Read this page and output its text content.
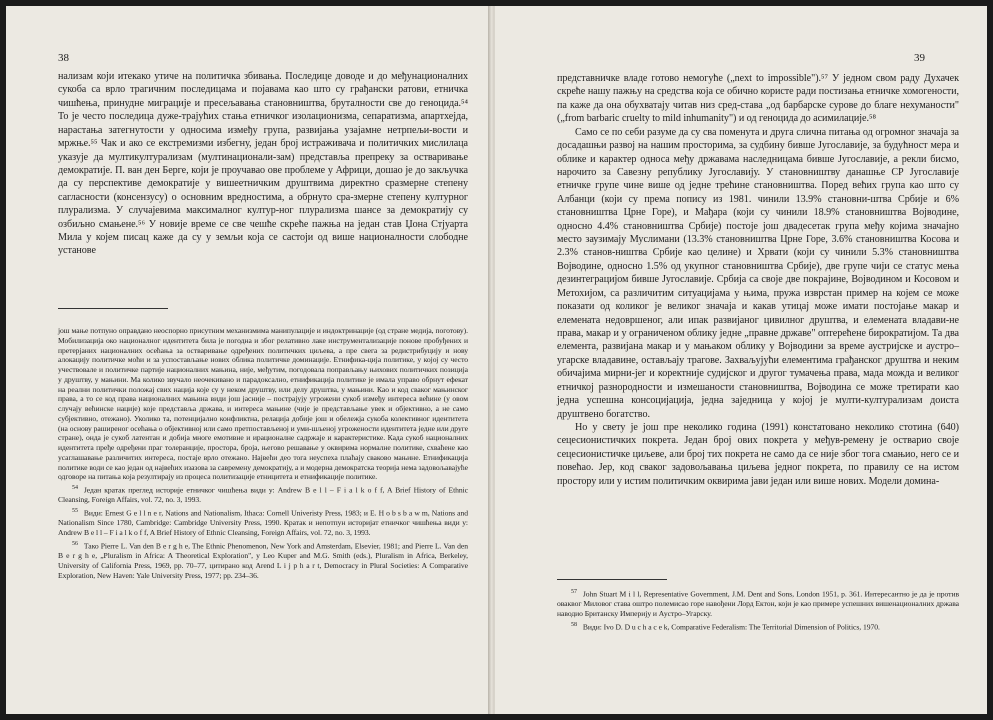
38

нализам који итекако утиче на политичка збивања. Последице доводе и до међунационалних сукоба са врло трагичним последицама и појавама као што су грађански ратови, етничка чишћења, принудне миграције и пресељавања становништва, бруталности све до геноцида.⁵⁴ То је често последица дуже-трајућих стања етничког изолационизма, сепаратизма, апартхејда, нарастања затегнутости у односима између група, развијања узајамне нетрпељи-вости и мржње.⁵⁵ Чак и ако се екстремизми избегну, један број истраживача и политичких мислилаца указује да мултикултурализам (мултинационали-зам) представља препреку за остваривање демократије. П. ван ден Берге, који је проучавао ове проблеме у Африци, дошао је до закључка да су перспективе демократије у вишеетничким друштвима директно сразмерне степену сагласности (консензусу) о основним вредностима, а обрнуто сра-змерне степену културног плурализма. У случајевима максималног култур-ног плурализма шансе за демократију су озбиљно смањене.⁵⁶ У новије време се све чешће скреће пажња на један став Џона Стјуарта Мила у којем писац каже да су у земљи која се састоји од више националности слободне установе

још мање потпуно оправдано неоспорно присутним механизмима манипулације и индоктринације (од стране медија, поготову). Мобилизација око националног идентитета била је погодна и због релативно лаке инструментализације понове пробуђених и претерјаних националних осећања за остваривање одређених политичких циљева, а пре свега за редистрибуцију и нову алокацију политичке моћи и за успостављање нових облика политичке доминације. Етнифика-ција политике, у којој су често учествовале и политичке партије националних мањина, није, међутим, погодовала поправљању њихових политичких позиција у друштву, у мањини. Ма колико звучало неочекивано и парадоксално, етнификација политике је имала управо обрнут ефекат на реални политички положај свих нација које су у неком друштву, или делу друштва, у мањини. Као и код сваког мањинског права, а то се код права националних мањина види још јасније – пострајују угрожени сукоб између интереса већине (у овом случају већинске нације) које представља држава, и интереса мањине (чије је представљање увек и објективно, а не само субјективно, отежано). Уколико та, потенцијално конфликтна, релација добије још и обележја сукоба колективног идентитета (на основу раширеног осећања о објективној или само претпостављеној и уми-шљеној угрожености идентитета једне или друге стране), онда је сукоб латентан и добија многе емотивне и ирационалне садржаје и карактеристике. Када сукоб националних идентитета пређе одређени праг толеранције, простора, броја, његово решавање у оквирима нормалне политике, схваћене као усаглашавање различитих интереса, постаје врло отежано. Највећи део тога неуспеха плаћају сваково мањине. Етнификација политике води се као један од највећих изазова за савремену демократију, а и модерна демократска теорија нема задовољавајуће одговоре на питања која резултирају из процеса политизације етницитета и етнификације политике.

$^{54}$ Један кратак преглед историје етничког чишћења види у: Andrew B e l l – F i a l k o f f, A Brief History of Ethnic Cleansing, Foreign Affairs, vol. 72, no. 3, 1993.

$^{55}$ Види: Ernest G e l l n e r, Nations and Nationalism, Ithaca: Cornell Univeristy Press, 1983; и E. H o b s b a w m, Nations and Nationalism Since 1780, Cambridge: Cambridge University Press, 1990. Кратак и непотпун историјат етничког чишћења види у: Andrew B e l l – F i a l k o f f, A Brief History of Ethnic Cleansing, Foreign Affairs, vol. 72, no. 3, 1993.

$^{56}$ Тако Pierre L. Van den B e r g h e, The Ethnic Phenomenon, New York and Amsterdam, Elsevier, 1981; and Pierre L. Van den B e r g h e, „Pluralism in Africa: A Theoretical Exploration", у Leo Kuper and M.G. Smith (eds.), Pluralism in Africa, Berkeley, University of California Press, 1969, pp. 70–77, цитирано код Arend L i j p h a r t, Democracy in Plural Societies: A Comparative Exploration, New Haven: Yale University Press, 1977; pp. 234–36.

39

представничке владе готово немогуће („next to impossible").⁵⁷ У једном свом раду Духачек скреће нашу пажњу на средства која се обично користе ради постизања етничке хомогености, па каже да она обухватају читав низ сред-става „од барбарске сурове до благе нехуманости" („from barbaric cruelty to mild inhumanity") и од геноцида до асимилације.⁵⁸

Само се по себи разуме да су сва поменута и друга слична питања од огромног значаја за досадашњи развој на нашим просторима, за судбину бивше Југославије, за будућност мера и облике и карактер односа међу државама наследницама бивше Југославије, а рекли бисмо, нарочито за Савезну републику Југославију. У становништву данашње СР Југославије етничке групе чине више од једне трећине становништва. Поред већих група као што су Албанци (који су према попису из 1981. чинили 13.9% становни-штва Србије и 6% становништва Црне Горе), и Мађара (који су чинили 18.9% становништва Војводине, односно 4.4% становништва Србије) постоје још двадесетак група међу којима значајно место заузимају Муслимани (13.3% становништва Црне Горе, 3.6% становништва Косова и 2.3% станов-ништва Србије као целине) и Хрвати (који су чинили 5.3% становништва Војводине, односно 1.5% од укупног становништва Србије), две групе чији се статус мења дезинтеграцијом бивше Југославије. Србија са своје две покрајине, Војводином и Косовом и Метохијом, са различитим ситуацијама у њима, пружа изврстан пример на којем се може показати од коликог је великог значаја и какав утицај може имати постојање макар и елемената недовршеног, али ипак развијаног цивилног друштва, и елемената владави-не права, макар и у ограниченом облику једне „правне државе" оптерећене бирократијом. Та два елемента, развијана макар и у мањаком облику у Војводини за време аустријске и аустро–угарске владавине, остављају трагове. Захваљујући елементима грађанског друштва и неким обичајима мирни-јег и коректније судијског и другог тумачења права, мада можда и великог етничкој разнородности и измешаности становништва, Војводина се може третирати као једна успешна консоцијација, једна заједница у којој је мулти-културализам доиста друштвено богатство.

Но у свету је још пре неколико година (1991) констатовано неколико стотина (640) сецесионистичких покрета. Један број ових покрета у међув-ремену је остварио своје сецесионистичке циљеве, али број тих покрета не само да се није због тога смањио, него се и повећао. Јер, код сваког задовољавања циљева једног покрета, по правилу се на истом простору или у истим политичким оквирима јави један или више нових. Модели домина-

$^{57}$ John Stuart M i l l, Representative Government, J.M. Dent and Sons, London 1951, p. 361. Интересантно је да је против оваквог Миловог става оштро полемисао горе навођени Лорд Ектон, који је као примере успешних вишенационалних држава наводио Британску Империју и Аустро–Угарску.

$^{58}$ Види: Ivo D. D u c h a c e k, Comparative Federalism: The Territorial Dimension of Politics, 1970.
